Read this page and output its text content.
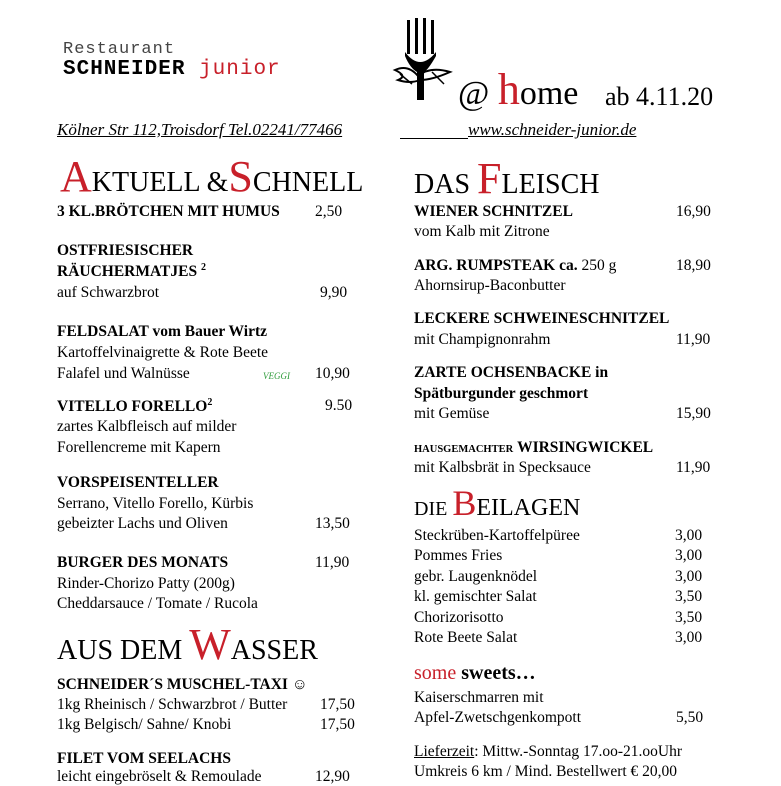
Restaurant
SCHNEIDER junior
@ home ab 4.11.20
Kölner Str 112,Troisdorf Tel.02241/77466	www.schneider-junior.de
AKTUELL &SCHNELL
3 KL.BRÖTCHEN MIT HUMUS 2,50
OSTFRIESISCHER
RÄUCHERMATJES $^2$
auf Schwarzbrot	9,90
FELDSALAT vom Bauer Wirtz
Kartoffelvinaigrette & Rote Beete
Falafel und Walnüsse	VEGGI 10,90
VITELLO FORELLO$^2$	9.50
zartes Kalbfleisch auf milder
Forellencreme mit Kapern
VORSPEISENTELLER
Serrano, Vitello Forello, Kürbis
gebeizter Lachs und Oliven	13,50
BURGER DES MONATS	11,90
Rinder-Chorizo Patty (200g)
Cheddarsauce / Tomate / Rucola
AUS DEM WASSER
SCHNEIDER´S MUSCHEL-TAXI ☺
1kg Rheinisch / Schwarzbrot / Butter 17,50
1kg Belgisch/ Sahne/ Knobi	17,50
FILET VOM SEELACHS
leicht eingebröselt & Remoulade	12,90
DAS FLEISCH
WIENER SCHNITZEL	16,90
vom Kalb mit Zitrone
ARG. RUMPSTEAK ca. 250 g	18,90
Ahornsirup-Baconbutter
LECKERE SCHWEINESCHNITZEL
mit Champignonrahm	11,90
ZARTE OCHSENBACKE in
Spätburgunder geschmort
mit Gemüse	15,90
HAUSGEMACHTER WIRSINGWICKEL
mit Kalbsbrät in Specksauce	11,90
DIE BEILAGEN
Steckrüben-Kartoffelpüree	3,00
Pommes Fries	3,00
gebr. Laugenknödel	3,00
kl. gemischter Salat	3,50
Chorizorisotto	3,50
Rote Beete Salat	3,00
some sweets…
Kaiserschmarren mit
Apfel-Zwetschgenkompott	5,50
Lieferzeit: Mittw.-Sonntag 17.oo-21.ooUhr
Umkreis 6 km / Mind. Bestellwert € 20,00
